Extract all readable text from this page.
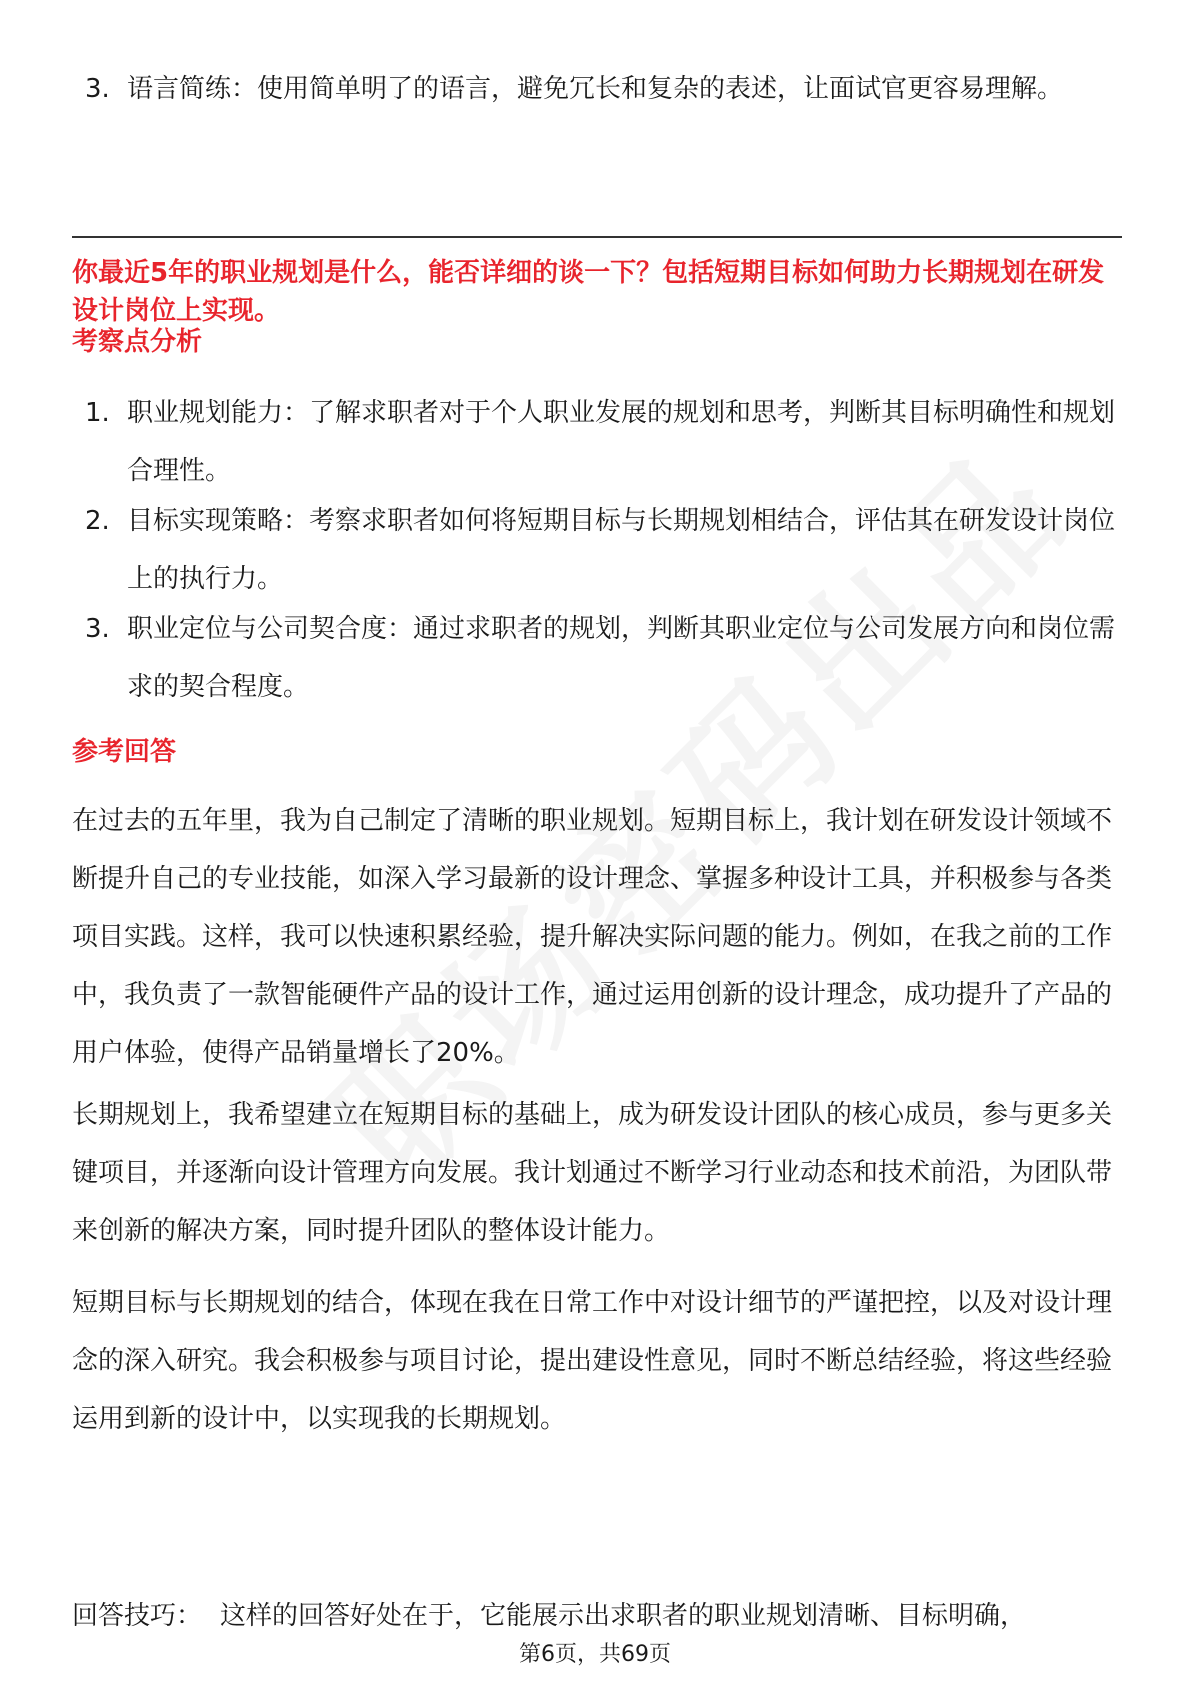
3. 语言简练：使用简单明了的语言，避免冗长和复杂的表述，让面试官更容易理解。
你最近5年的职业规划是什么，能否详细的谈一下？包括短期目标如何助力长期规划在研发设计岗位上实现。
考察点分析
1. 职业规划能力：了解求职者对于个人职业发展的规划和思考，判断其目标明确性和规划合理性。
2. 目标实现策略：考察求职者如何将短期目标与长期规划相结合，评估其在研发设计岗位上的执行力。
3. 职业定位与公司契合度：通过求职者的规划，判断其职业定位与公司发展方向和岗位需求的契合程度。
参考回答
在过去的五年里，我为自己制定了清晰的职业规划。短期目标上，我计划在研发设计领域不断提升自己的专业技能，如深入学习最新的设计理念、掌握多种设计工具，并积极参与各类项目实践。这样，我可以快速积累经验，提升解决实际问题的能力。例如，在我之前的工作中，我负责了一款智能硬件产品的设计工作，通过运用创新的设计理念，成功提升了产品的用户体验，使得产品销量增长了20%。
长期规划上，我希望建立在短期目标的基础上，成为研发设计团队的核心成员，参与更多关键项目，并逐渐向设计管理方向发展。我计划通过不断学习行业动态和技术前沿，为团队带来创新的解决方案，同时提升团队的整体设计能力。
短期目标与长期规划的结合，体现在我在日常工作中对设计细节的严谨把控，以及对设计理念的深入研究。我会积极参与项目讨论，提出建设性意见，同时不断总结经验，将这些经验运用到新的设计中，以实现我的长期规划。
回答技巧： 这样的回答好处在于，它能展示出求职者的职业规划清晰、目标明确，
第6页，共69页
